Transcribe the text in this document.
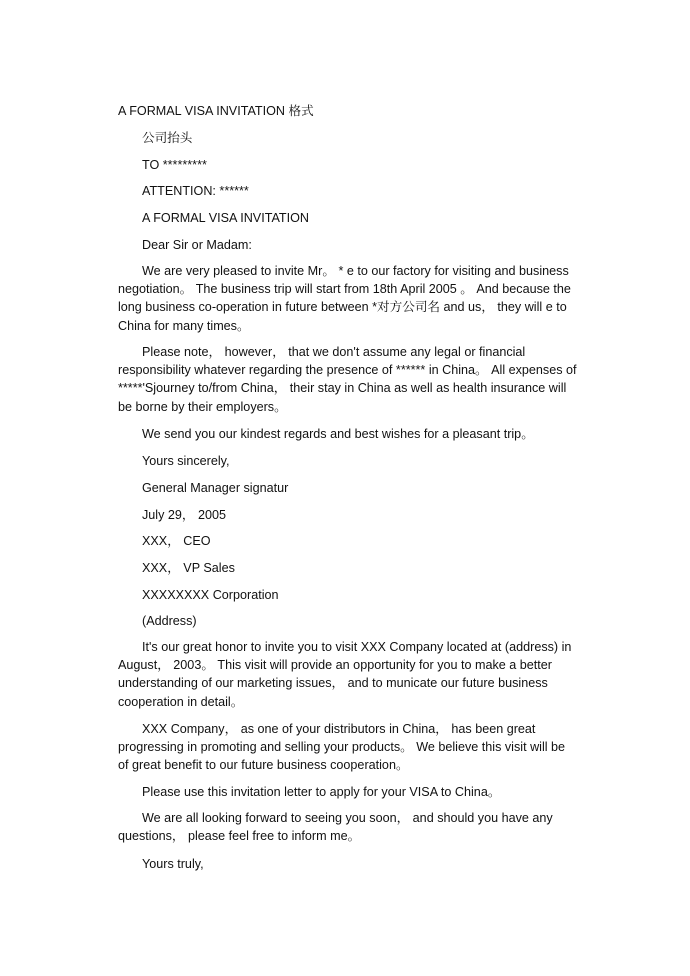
A FORMAL VISA INVITATION 格式
公司抬头
TO *********
ATTENTION: ******
A FORMAL VISA INVITATION
Dear Sir or Madam:

We are very pleased to invite Mr。 * e to our factory for visiting and business negotiation。 The business trip will start from 18th April 2005 。 And because the long business co-operation in future between *对方公司名 and us， they will e to China for many times。

Please note， however， that we don't assume any legal or financial responsibility whatever regarding the presence of ****** in China。 All expenses of *****'Sjourney to/from China， their stay in China as well as health insurance will be borne by their employers。

We send you our kindest regards and best wishes for a pleasant trip。

Yours sincerely,
General Manager signatur
July 29， 2005
XXX， CEO
XXX， VP Sales
XXXXXXXX Corporation
(Address)

It's our great honor to invite you to visit XXX Company located at (address) in August， 2003。 This visit will provide an opportunity for you to make a better understanding of our marketing issues， and to municate our future business cooperation in detail。

XXX Company， as one of your distributors in China， has been great progressing in promoting and selling your products。 We believe this visit will be of great benefit to our future business cooperation。

Please use this invitation letter to apply for your VISA to China。

We are all looking forward to seeing you soon， and should you have any questions， please feel free to inform me。

Yours truly,
